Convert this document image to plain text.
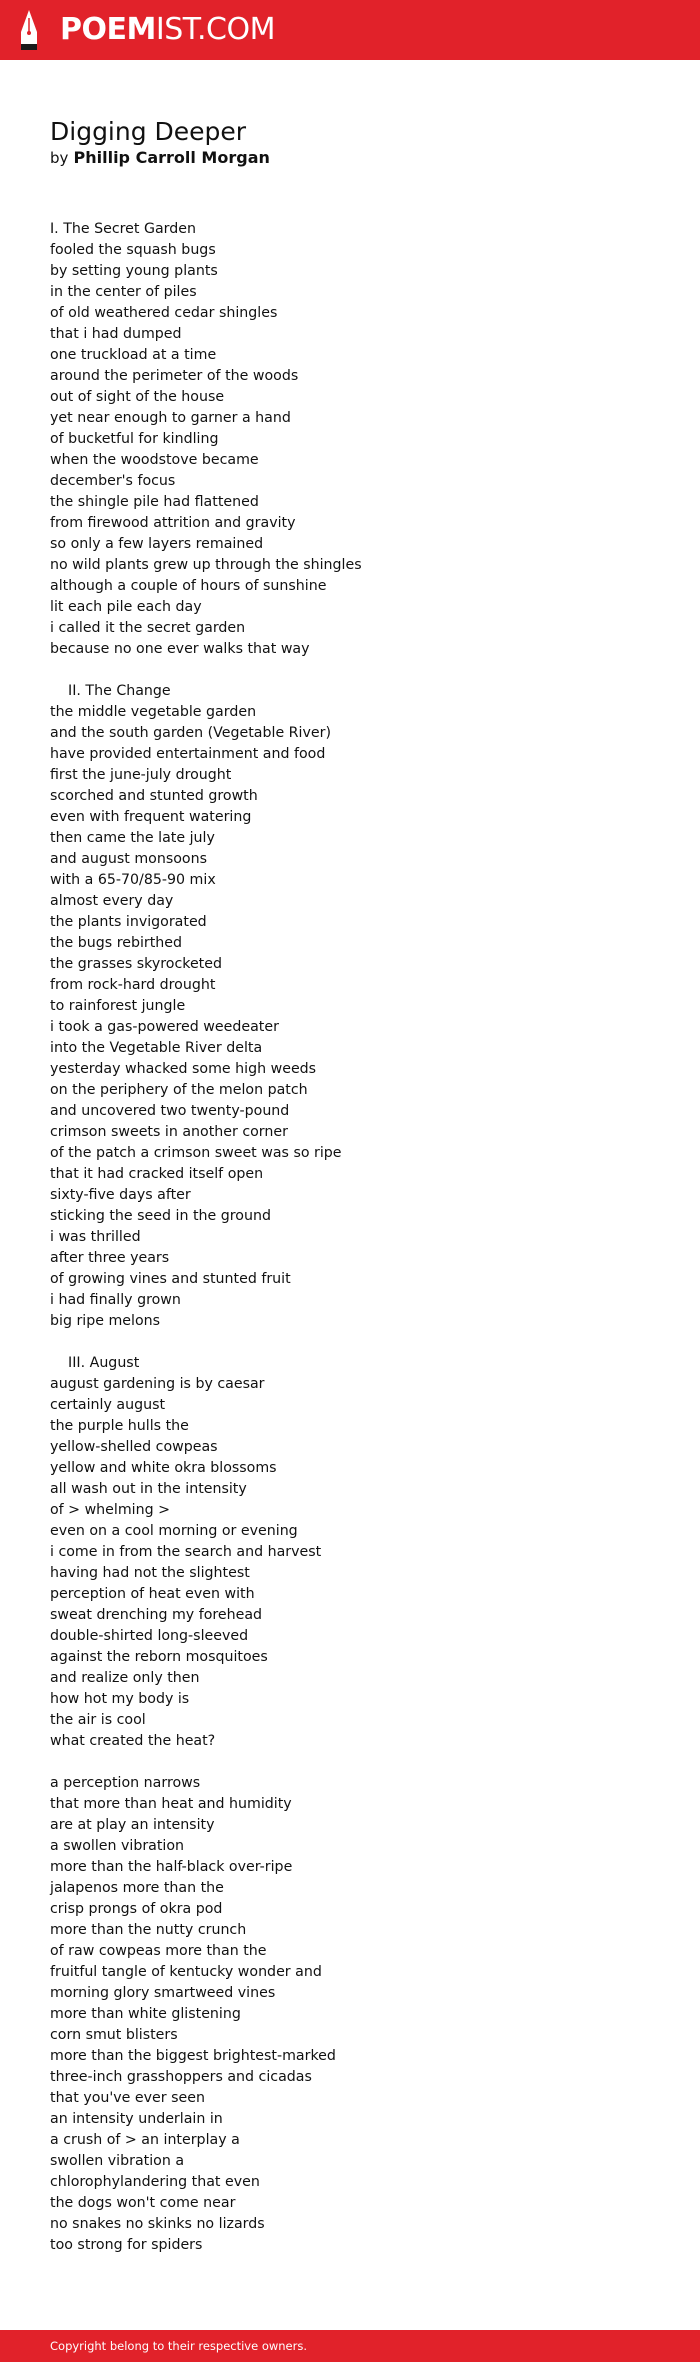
POEMIST.COM
Digging Deeper
by Phillip Carroll Morgan
I. The Secret Garden
fooled the squash bugs
by setting young plants
in the center of piles
of old weathered cedar shingles
that i had dumped
one truckload at a time
around the perimeter of the woods
out of sight of the house
yet near enough to garner a hand
of bucketful for kindling
when the woodstove became
december's focus
the shingle pile had flattened
from firewood attrition and gravity
so only a few layers remained
no wild plants grew up through the shingles
although a couple of hours of sunshine
lit each pile each day
i called it the secret garden
because no one ever walks that way
II. The Change
the middle vegetable garden
and the south garden (Vegetable River)
have provided entertainment and food
first the june-july drought
scorched and stunted growth
even with frequent watering
then came the late july
and august monsoons
with a 65-70/85-90 mix
almost every day
the plants invigorated
the bugs rebirthed
the grasses skyrocketed
from rock-hard drought
to rainforest jungle
i took a gas-powered weedeater
into the Vegetable River delta
yesterday whacked some high weeds
on the periphery of the melon patch
and uncovered two twenty-pound
crimson sweets in another corner
of the patch a crimson sweet was so ripe
that it had cracked itself open
sixty-five days after
sticking the seed in the ground
i was thrilled
after three years
of growing vines and stunted fruit
i had finally grown
big ripe melons
III. August
august gardening is by caesar
certainly august
the purple hulls the
yellow-shelled cowpeas
yellow and white okra blossoms
all wash out in the intensity
of > whelming >
even on a cool morning or evening
i come in from the search and harvest
having had not the slightest
perception of heat even with
sweat drenching my forehead
double-shirted long-sleeved
against the reborn mosquitoes
and realize only then
how hot my body is
the air is cool
what created the heat?
a perception narrows
that more than heat and humidity
are at play an intensity
a swollen vibration
more than the half-black over-ripe
jalapenos more than the
crisp prongs of okra pod
more than the nutty crunch
of raw cowpeas more than the
fruitful tangle of kentucky wonder and
morning glory smartweed vines
more than white glistening
corn smut blisters
more than the biggest brightest-marked
three-inch grasshoppers and cicadas
that you've ever seen
an intensity underlain in
a crush of > an interplay a
swollen vibration a
chlorophylandering that even
the dogs won't come near
no snakes no skinks no lizards
too strong for spiders
Copyright belong to their respective owners.
